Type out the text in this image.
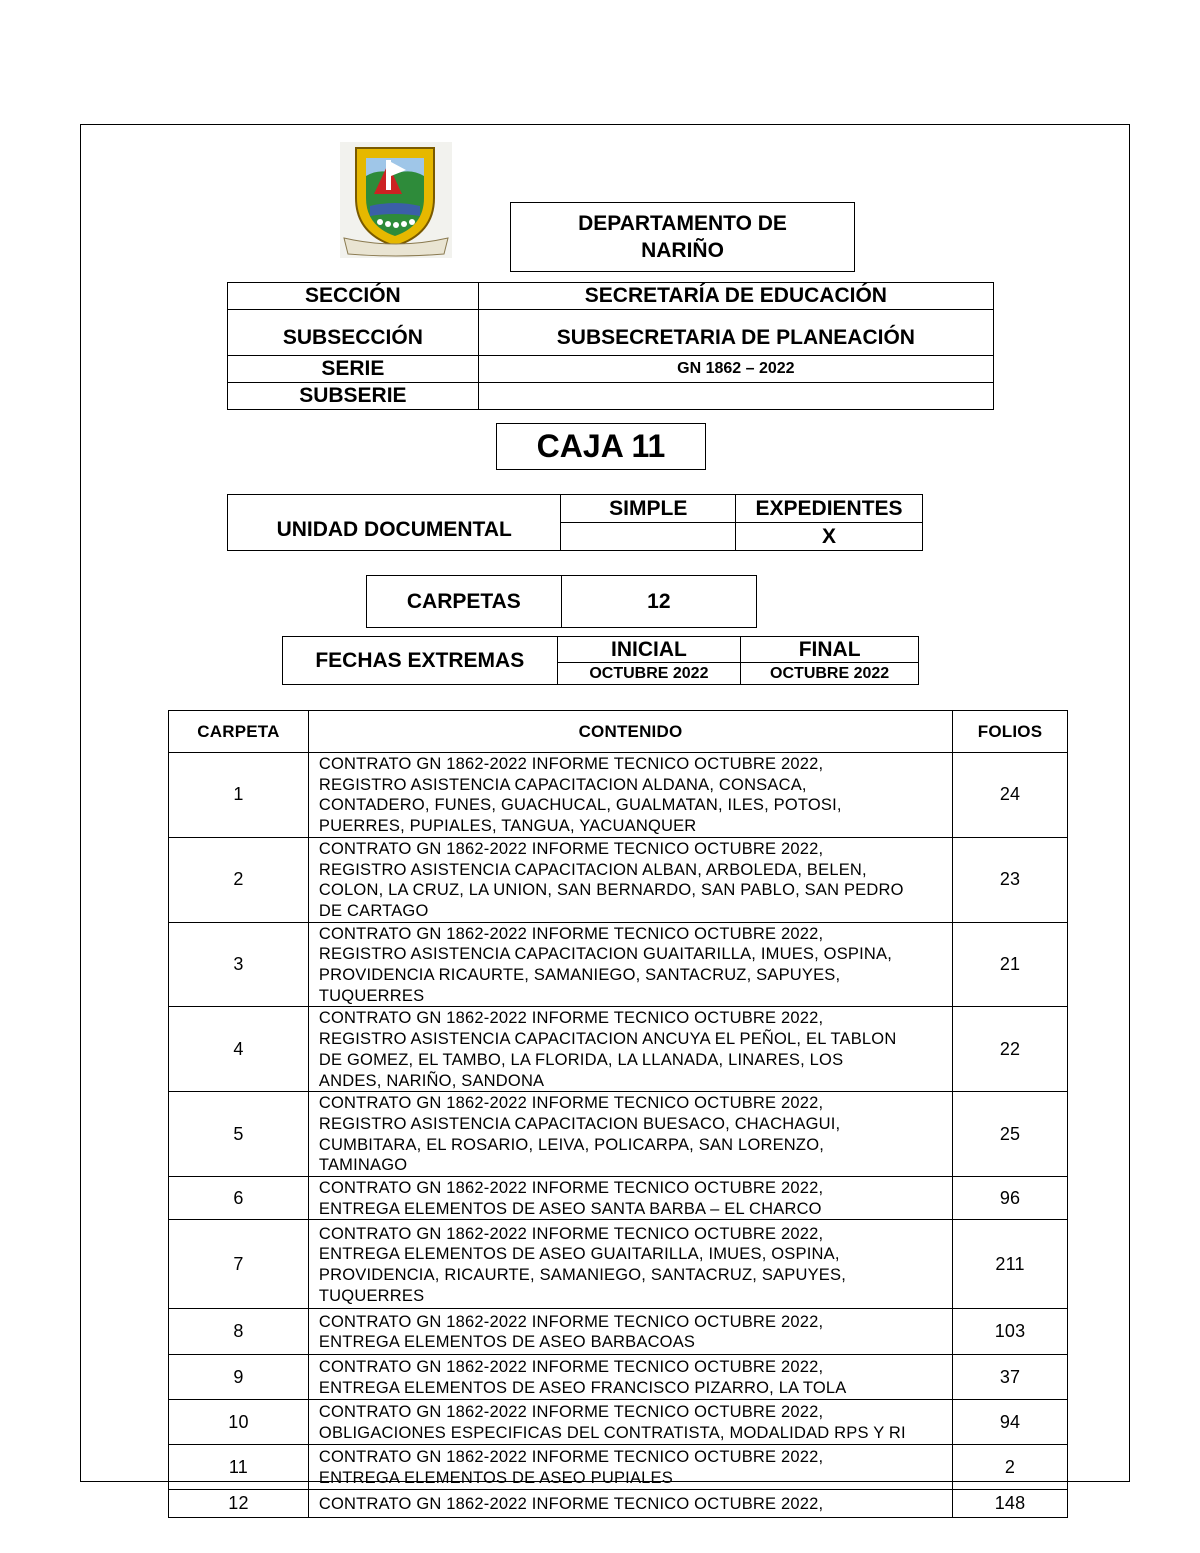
DEPARTAMENTO DE
NARIÑO
SECCIÓN	SECRETARÍA DE EDUCACIÓN
SUBSECCIÓN	SUBSECRETARIA DE PLANEACIÓN
SERIE	GN 1862 – 2022
SUBSERIE	
CAJA 11
UNIDAD DOCUMENTAL	SIMPLE	EXPEDIENTES
		X
CARPETAS	12
FECHAS EXTREMAS	INICIAL	FINAL
	OCTUBRE 2022	OCTUBRE 2022
CARPETA	CONTENIDO	FOLIOS
1	CONTRATO GN 1862-2022 INFORME TECNICO OCTUBRE 2022,
REGISTRO ASISTENCIA CAPACITACION ALDANA, CONSACA,
CONTADERO, FUNES, GUACHUCAL, GUALMATAN, ILES, POTOSI,
PUERRES, PUPIALES, TANGUA, YACUANQUER	24
2	CONTRATO GN 1862-2022 INFORME TECNICO OCTUBRE 2022,
REGISTRO ASISTENCIA CAPACITACION ALBAN, ARBOLEDA, BELEN,
COLON, LA CRUZ, LA UNION, SAN BERNARDO, SAN PABLO, SAN PEDRO
DE CARTAGO	23
3	CONTRATO GN 1862-2022 INFORME TECNICO OCTUBRE 2022,
REGISTRO ASISTENCIA CAPACITACION GUAITARILLA, IMUES, OSPINA,
PROVIDENCIA RICAURTE, SAMANIEGO, SANTACRUZ, SAPUYES,
TUQUERRES	21
4	CONTRATO GN 1862-2022 INFORME TECNICO OCTUBRE 2022,
REGISTRO ASISTENCIA CAPACITACION ANCUYA EL PEÑOL, EL TABLON
DE GOMEZ, EL TAMBO, LA FLORIDA, LA LLANADA, LINARES, LOS
ANDES, NARIÑO, SANDONA	22
5	CONTRATO GN 1862-2022 INFORME TECNICO OCTUBRE 2022,
REGISTRO ASISTENCIA CAPACITACION BUESACO, CHACHAGUI,
CUMBITARA, EL ROSARIO, LEIVA, POLICARPA, SAN LORENZO,
TAMINAGO	25
6	CONTRATO GN 1862-2022 INFORME TECNICO OCTUBRE 2022,
ENTREGA ELEMENTOS DE ASEO SANTA BARBA – EL CHARCO	96
7	CONTRATO GN 1862-2022 INFORME TECNICO OCTUBRE 2022,
ENTREGA ELEMENTOS DE ASEO GUAITARILLA, IMUES, OSPINA,
PROVIDENCIA, RICAURTE, SAMANIEGO, SANTACRUZ, SAPUYES,
TUQUERRES	211
8	CONTRATO GN 1862-2022 INFORME TECNICO OCTUBRE 2022,
ENTREGA ELEMENTOS DE ASEO BARBACOAS	103
9	CONTRATO GN 1862-2022 INFORME TECNICO OCTUBRE 2022,
ENTREGA ELEMENTOS DE ASEO FRANCISCO PIZARRO, LA TOLA	37
10	CONTRATO GN 1862-2022 INFORME TECNICO OCTUBRE 2022,
OBLIGACIONES ESPECIFICAS DEL CONTRATISTA, MODALIDAD RPS Y RI	94
11	CONTRATO GN 1862-2022 INFORME TECNICO OCTUBRE 2022,
ENTREGA ELEMENTOS DE ASEO PUPIALES	2
12	CONTRATO GN 1862-2022 INFORME TECNICO OCTUBRE 2022,	148
